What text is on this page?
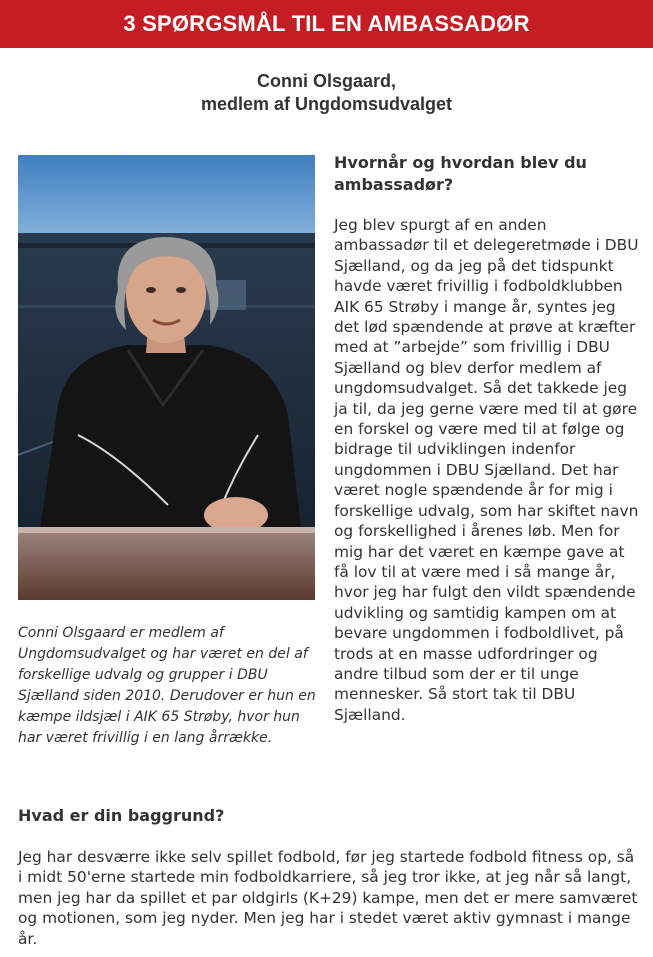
3 SPØRGSMÅL TIL EN AMBASSADØR
Conni Olsgaard,
medlem af Ungdomsudvalget
Conni Olsgaard er medlem af Ungdomsudvalget og har været en del af forskellige udvalg og grupper i DBU Sjælland siden 2010. Derudover er hun en kæmpe ildsjæl i AIK 65 Strøby, hvor hun har været frivillig i en lang årrække.
Hvornår og hvordan blev du ambassadør?
Jeg blev spurgt af en anden ambassadør til et delegeretmøde i DBU Sjælland, og da jeg på det tidspunkt havde været frivillig i fodboldklubben AIK 65 Strøby i mange år, syntes jeg det lød spændende at prøve at kræfter med at ”arbejde” som frivillig i DBU Sjælland og blev derfor medlem af ungdomsudvalget. Så det takkede jeg ja til, da jeg gerne være med til at gøre en forskel og være med til at følge og bidrage til udviklingen indenfor ungdommen i DBU Sjælland. Det har været nogle spændende år for mig i forskellige udvalg, som har skiftet navn og forskellighed i årenes løb. Men for mig har det været en kæmpe gave at få lov til at være med i så mange år, hvor jeg har fulgt den vildt spændende udvikling og samtidig kampen om at bevare ungdommen i fodboldlivet, på trods at en masse udfordringer og andre tilbud som der er til unge mennesker. Så stort tak til DBU Sjælland.
Hvad er din baggrund?
Jeg har desværre ikke selv spillet fodbold, før jeg startede fodbold fitness op, så i midt 50'erne startede min fodboldkarriere, så jeg tror ikke, at jeg når så langt, men jeg har da spillet et par oldgirls (K+29) kampe, men det er mere samværet og motionen, som jeg nyder. Men jeg har i stedet været aktiv gymnast i mange år.
